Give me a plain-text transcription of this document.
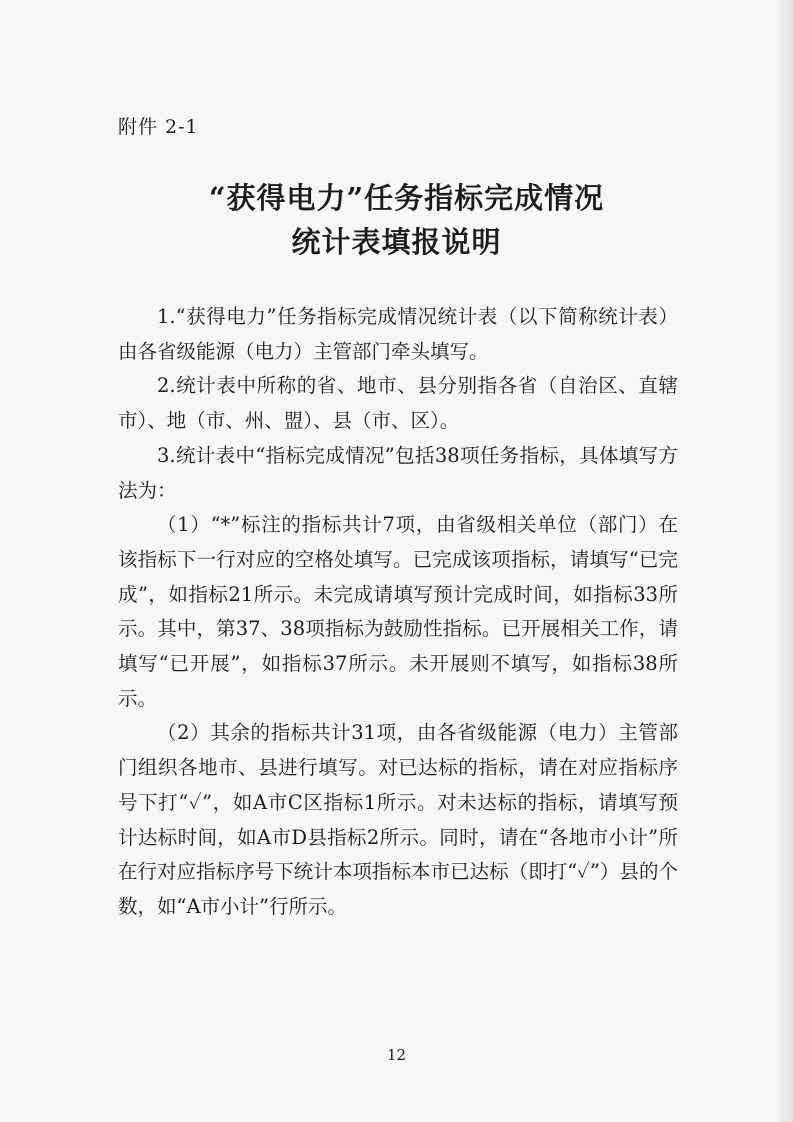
附件 2-1
“获得电力”任务指标完成情况
统计表填报说明

1.“获得电力”任务指标完成情况统计表（以下简称统计表）由各省级能源（电力）主管部门牵头填写。

2.统计表中所称的省、地市、县分别指各省（自治区、直辖市）、地（市、州、盟）、县（市、区）。

3.统计表中“指标完成情况”包括38项任务指标，具体填写方法为：

（1）“*”标注的指标共计7项，由省级相关单位（部门）在该指标下一行对应的空格处填写。已完成该项指标，请填写“已完成”，如指标21所示。未完成请填写预计完成时间，如指标33所示。其中，第37、38项指标为鼓励性指标。已开展相关工作，请填写“已开展”，如指标37所示。未开展则不填写，如指标38所示。

（2）其余的指标共计31项，由各省级能源（电力）主管部门组织各地市、县进行填写。对已达标的指标，请在对应指标序号下打“✓”，如A市C区指标1所示。对未达标的指标，请填写预计达标时间，如A市D县指标2所示。同时，请在“各地市小计”所在行对应指标序号下统计本项指标本市已达标（即打“✓”）县的个数，如“A市小计”行所示。

12
